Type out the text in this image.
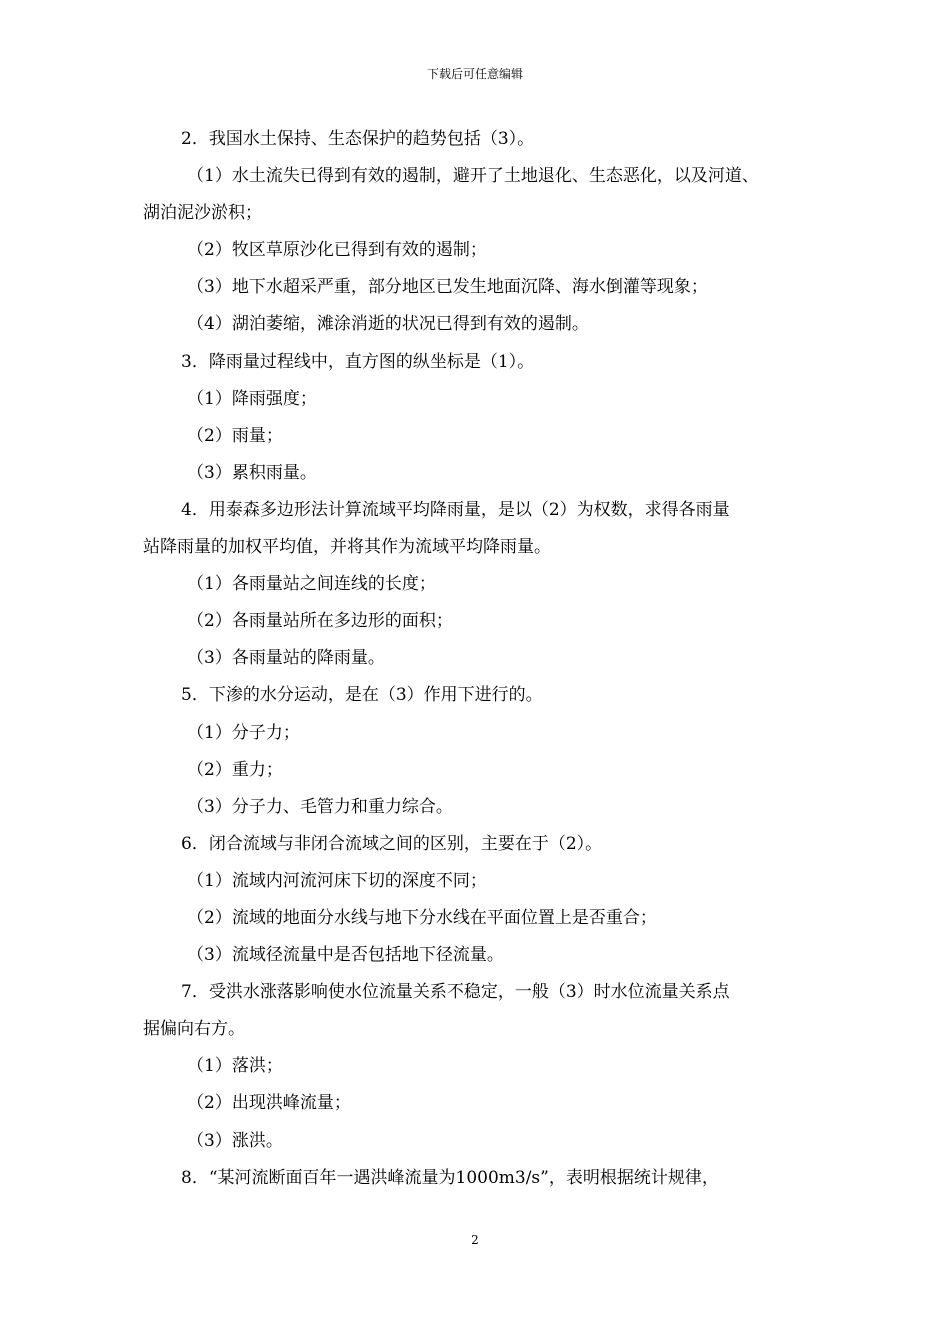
下载后可任意编辑
2．我国水土保持、生态保护的趋势包括（3）。
（1）水土流失已得到有效的遏制，避开了土地退化、生态恶化，以及河道、
湖泊泥沙淤积；
（2）牧区草原沙化已得到有效的遏制；
（3）地下水超采严重，部分地区已发生地面沉降、海水倒灌等现象；
（4）湖泊萎缩，滩涂消逝的状况已得到有效的遏制。
3．降雨量过程线中，直方图的纵坐标是（1）。
（1）降雨强度；
（2）雨量；
（3）累积雨量。
4．用泰森多边形法计算流域平均降雨量，是以（2）为权数，求得各雨量
站降雨量的加权平均值，并将其作为流域平均降雨量。
（1）各雨量站之间连线的长度；
（2）各雨量站所在多边形的面积；
（3）各雨量站的降雨量。
5．下渗的水分运动，是在（3）作用下进行的。
（1）分子力；
（2）重力；
（3）分子力、毛管力和重力综合。
6．闭合流域与非闭合流域之间的区别，主要在于（2）。
（1）流域内河流河床下切的深度不同；
（2）流域的地面分水线与地下分水线在平面位置上是否重合；
（3）流域径流量中是否包括地下径流量。
7．受洪水涨落影响使水位流量关系不稳定，一般（3）时水位流量关系点
据偏向右方。
（1）落洪；
（2）出现洪峰流量；
（3）涨洪。
8．“某河流断面百年一遇洪峰流量为1000m3/s”，表明根据统计规律，
2
